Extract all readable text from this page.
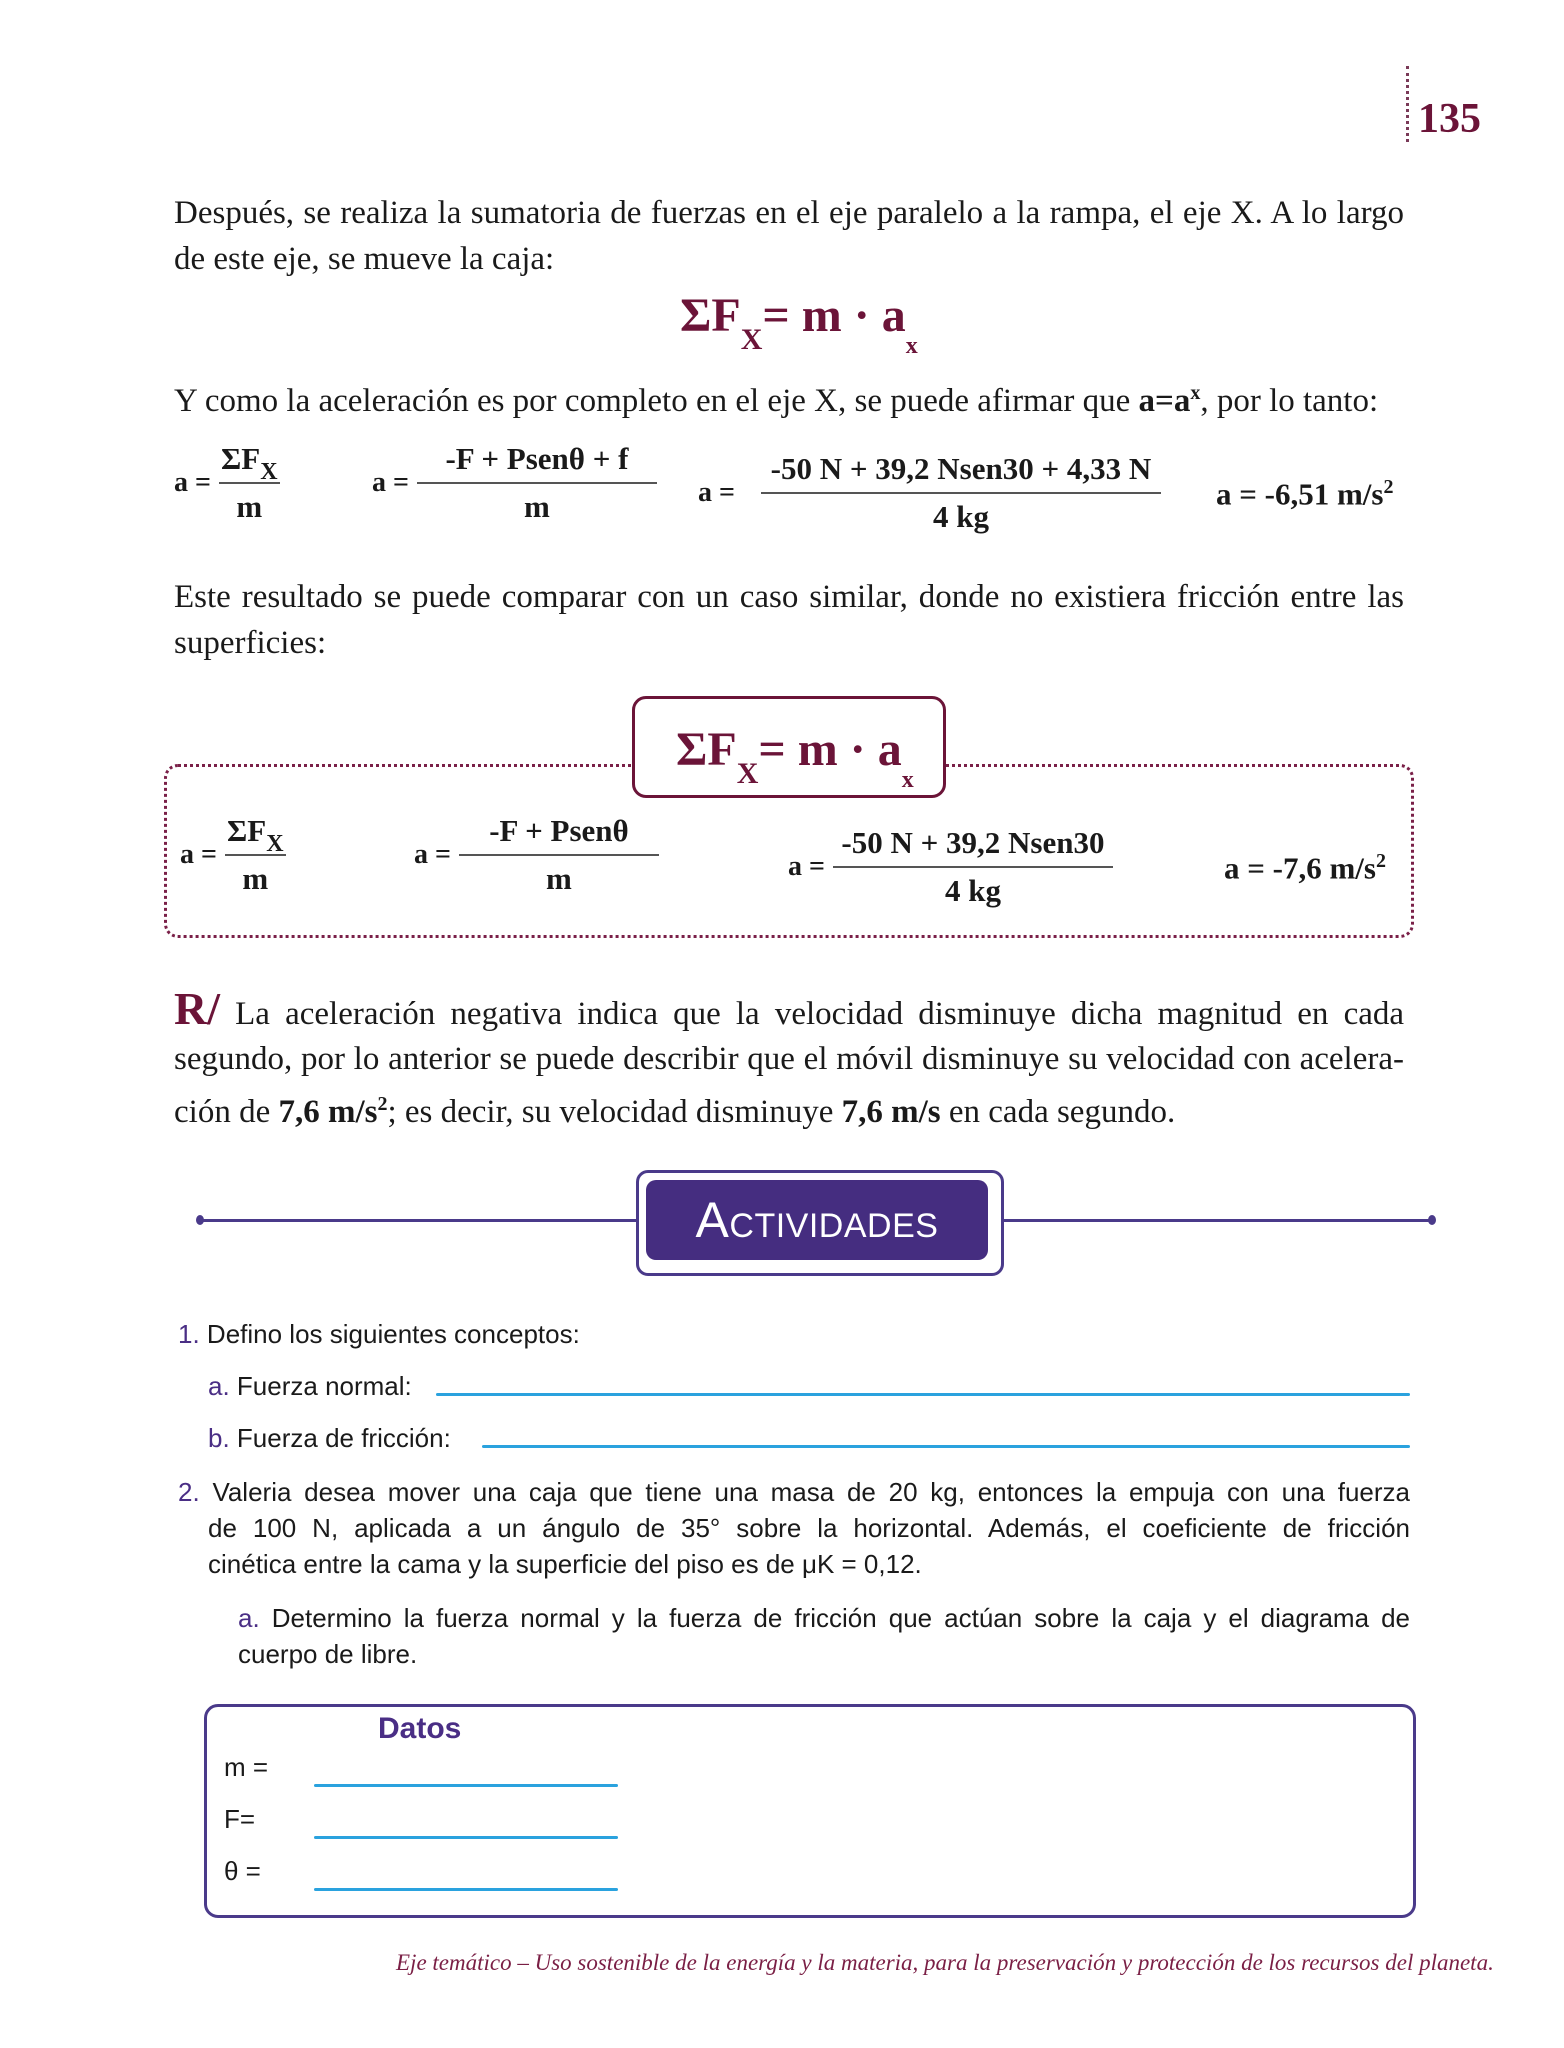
135
Después, se realiza la sumatoria de fuerzas en el eje paralelo a la rampa, el eje X. A lo largo de este eje, se mueve la caja:
$\Sigma F_X= m \cdot a_x$
Y como la aceleración es por completo en el eje X, se puede afirmar que $a=a^x$, por lo tanto:
$a = \frac{\Sigma F_X}{m}$	$a = \frac{\text{-F + Psenθ + f}}{m}$ $a = \frac{\text{-50 N + 39,2 Nsen30 + 4,33 N}}{4 kg}$ a = -6,51 $m/s^2$
Este resultado se puede comparar con un caso similar, donde no existiera fricción entre las superficies:
$\Sigma F_X= m \cdot a_x$
$a = \frac{\Sigma F_X}{m}$	$a = \frac{\text{-F + Psenθ}}{m}$	$a = \frac{\text{-50 N + 39,2 Nsen30}}{4 kg}$	a = -7,6 $m/s^2$
R/ La aceleración negativa indica que la velocidad disminuye dicha magnitud en cada
segundo, por lo anterior se puede describir que el móvil disminuye su velocidad con acelera-
ción de 7,6 $m/s^2$; es decir, su velocidad disminuye 7,6 m/s en cada segundo.
ACTIVIDADES
1. Defino los siguientes conceptos:
a. Fuerza normal:
b. Fuerza de fricción:
2. Valeria desea mover una caja que tiene una masa de 20 kg, entonces la empuja con una fuerza
de 100 N, aplicada a un ángulo de 35° sobre la horizontal. Además, el coeficiente de fricción
cinética entre la cama y la superficie del piso es de μK = 0,12.
a. Determino la fuerza normal y la fuerza de fricción que actúan sobre la caja y el diagrama de
cuerpo de libre.
Datos
m =
F=
θ =
Eje temático – Uso sostenible de la energía y la materia, para la preservación y protección de los recursos del planeta.
